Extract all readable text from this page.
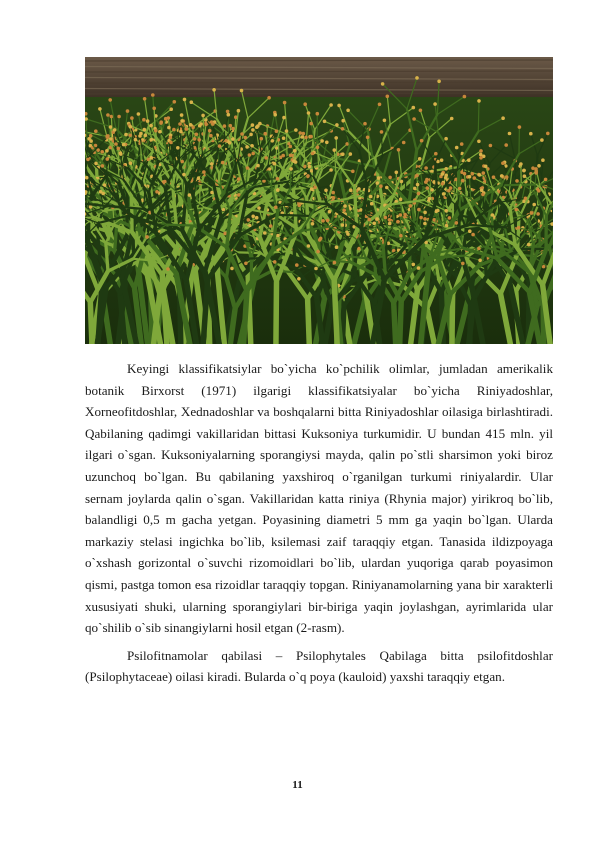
Keyingi klassifikatsiylar bo`yicha ko`pchilik olimlar, jumladan amerikalik botanik Birxorst (1971) ilgarigi klassifikatsiyalar bo`yicha Riniyadoshlar, Xorneofitdoshlar, Xednadoshlar va boshqalarni bitta Riniyadoshlar oilasiga birlashtiradi. Qabilaning qadimgi vakillaridan bittasi Kuksoniya turkumidir. U bundan 415 mln. yil ilgari o`sgan. Kuksoniyalarning sporangiysi mayda, qalin po`stli sharsimon yoki biroz uzunchoq bo`lgan. Bu qabilaning yaxshiroq o`rganilgan turkumi riniyalardir. Ular sernam joylarda qalin o`sgan. Vakillaridan katta riniya (Rhynia major) yirikroq bo`lib, balandligi 0,5 m gacha yetgan. Poyasining diametri 5 mm ga yaqin bo`lgan. Ularda markaziy stelasi ingichka bo`lib, ksilemasi zaif taraqqiy etgan. Tanasida ildizpoyaga o`xshash gorizontal o`suvchi rizomoidlari bo`lib, ulardan yuqoriga qarab poyasimon qismi, pastga tomon esa rizoidlar taraqqiy topgan. Riniyanamolarning yana bir xarakterli xususiyati shuki, ularning sporangiylari bir-biriga yaqin joylashgan, ayrimlarida ular qo`shilib o`sib sinangiylarni hosil etgan (2-rasm).

Psilofitnamolar qabilasi – Psilophytales Qabilaga bitta psilofitdoshlar (Psilophytaceae) oilasi kiradi. Bularda o`q poya (kauloid) yaxshi taraqqiy etgan.

11
